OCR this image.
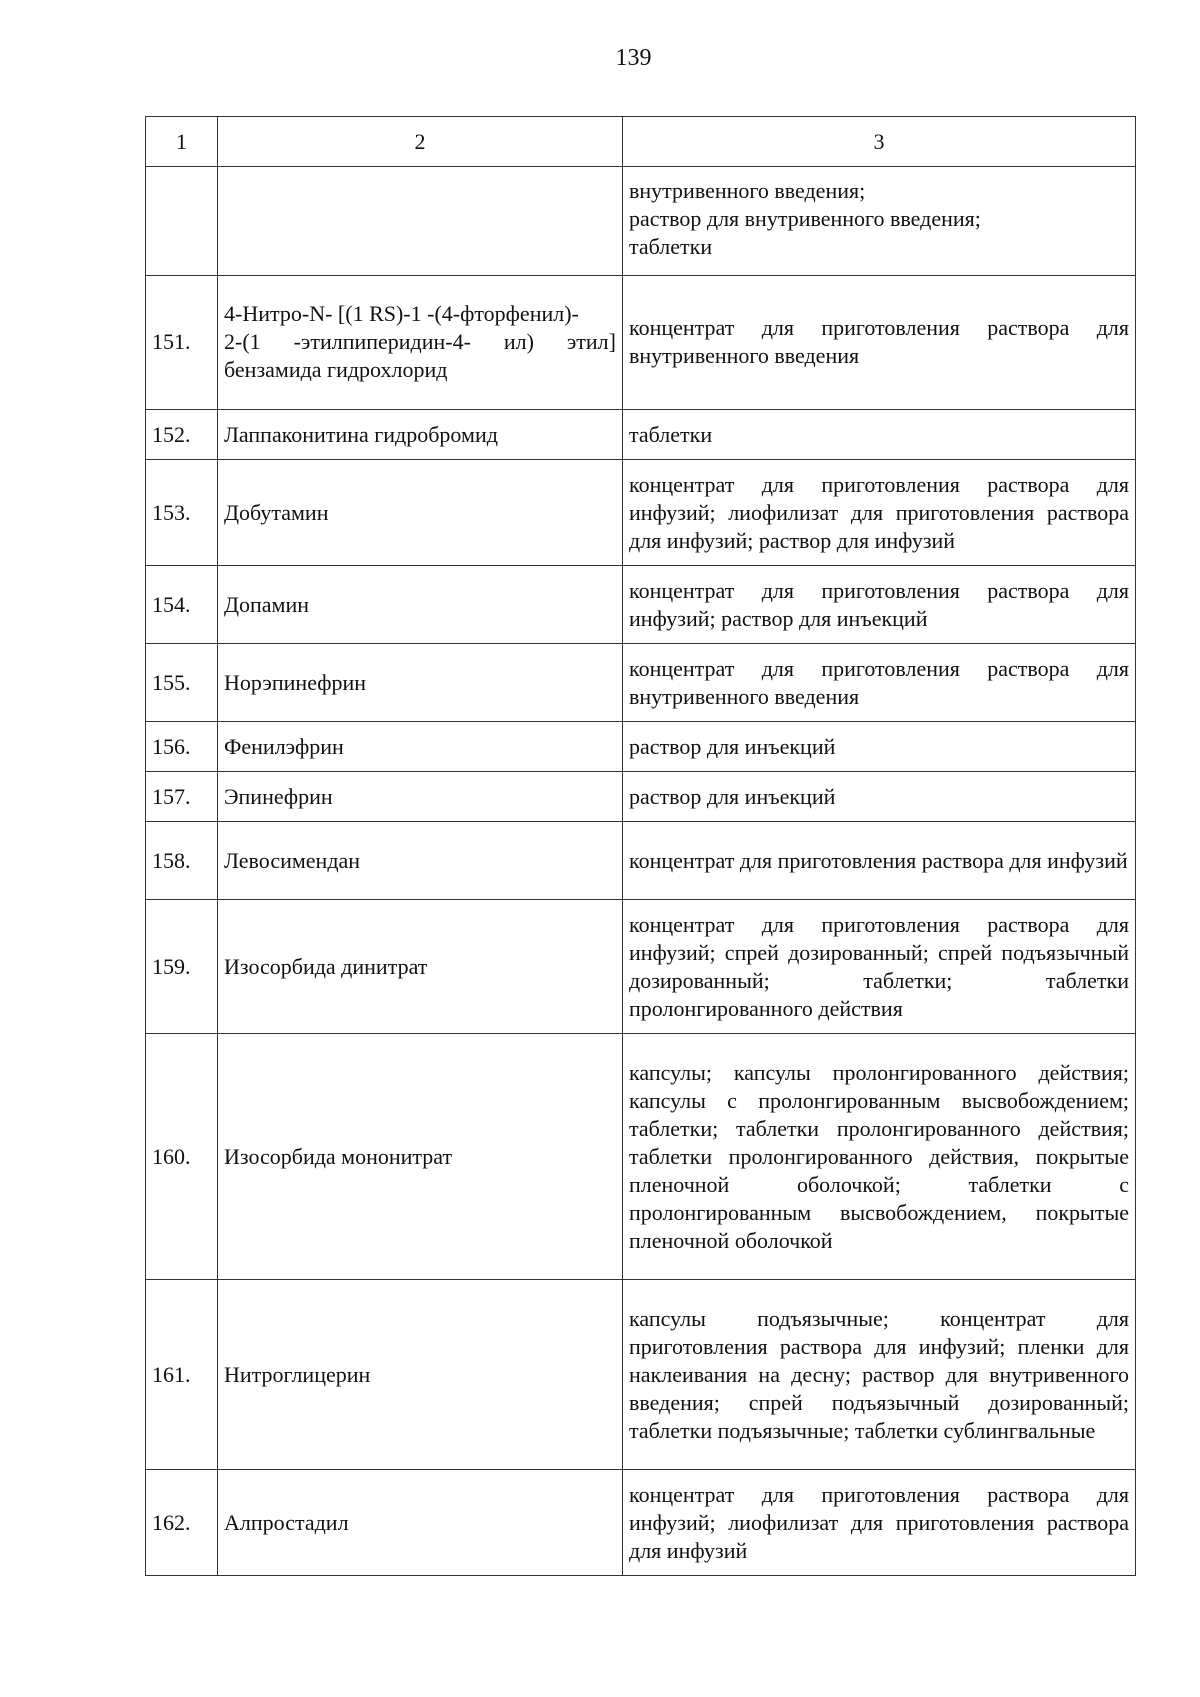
139
1	2	3
		внутривенного введения;
раствор для внутривенного введения;
таблетки
151.	4-Нитро-N- [(1 RS)-1 -(4-фторфенил)-
2-(1 -этилпиперидин-4- ил) этил] бензамида гидрохлорид	концентрат для приготовления раствора для внутривенного введения
152.	Лаппаконитина гидробромид	таблетки
153.	Добутамин	концентрат для приготовления раствора для инфузий; лиофилизат для приготовления раствора для инфузий; раствор для инфузий
154.	Допамин	концентрат для приготовления раствора для инфузий; раствор для инъекций
155.	Норэпинефрин	концентрат для приготовления раствора для внутривенного введения
156.	Фенилэфрин	раствор для инъекций
157.	Эпинефрин	раствор для инъекций
158.	Левосимендан	концентрат для приготовления раствора для инфузий
159.	Изосорбида динитрат	концентрат для приготовления раствора для инфузий; спрей дозированный; спрей подъязычный дозированный; таблетки; таблетки пролонгированного действия
160.	Изосорбида мононитрат	капсулы; капсулы пролонгированного действия; капсулы с пролонгированным высвобождением; таблетки; таблетки пролонгированного действия; таблетки пролонгированного действия, покрытые пленочной оболочкой; таблетки с пролонгированным высвобождением, покрытые пленочной оболочкой
161.	Нитроглицерин	капсулы подъязычные; концентрат для приготовления раствора для инфузий; пленки для наклеивания на десну; раствор для внутривенного введения; спрей подъязычный дозированный; таблетки подъязычные; таблетки сублингвальные
162.	Алпростадил	концентрат для приготовления раствора для инфузий; лиофилизат для приготовления раствора для инфузий
